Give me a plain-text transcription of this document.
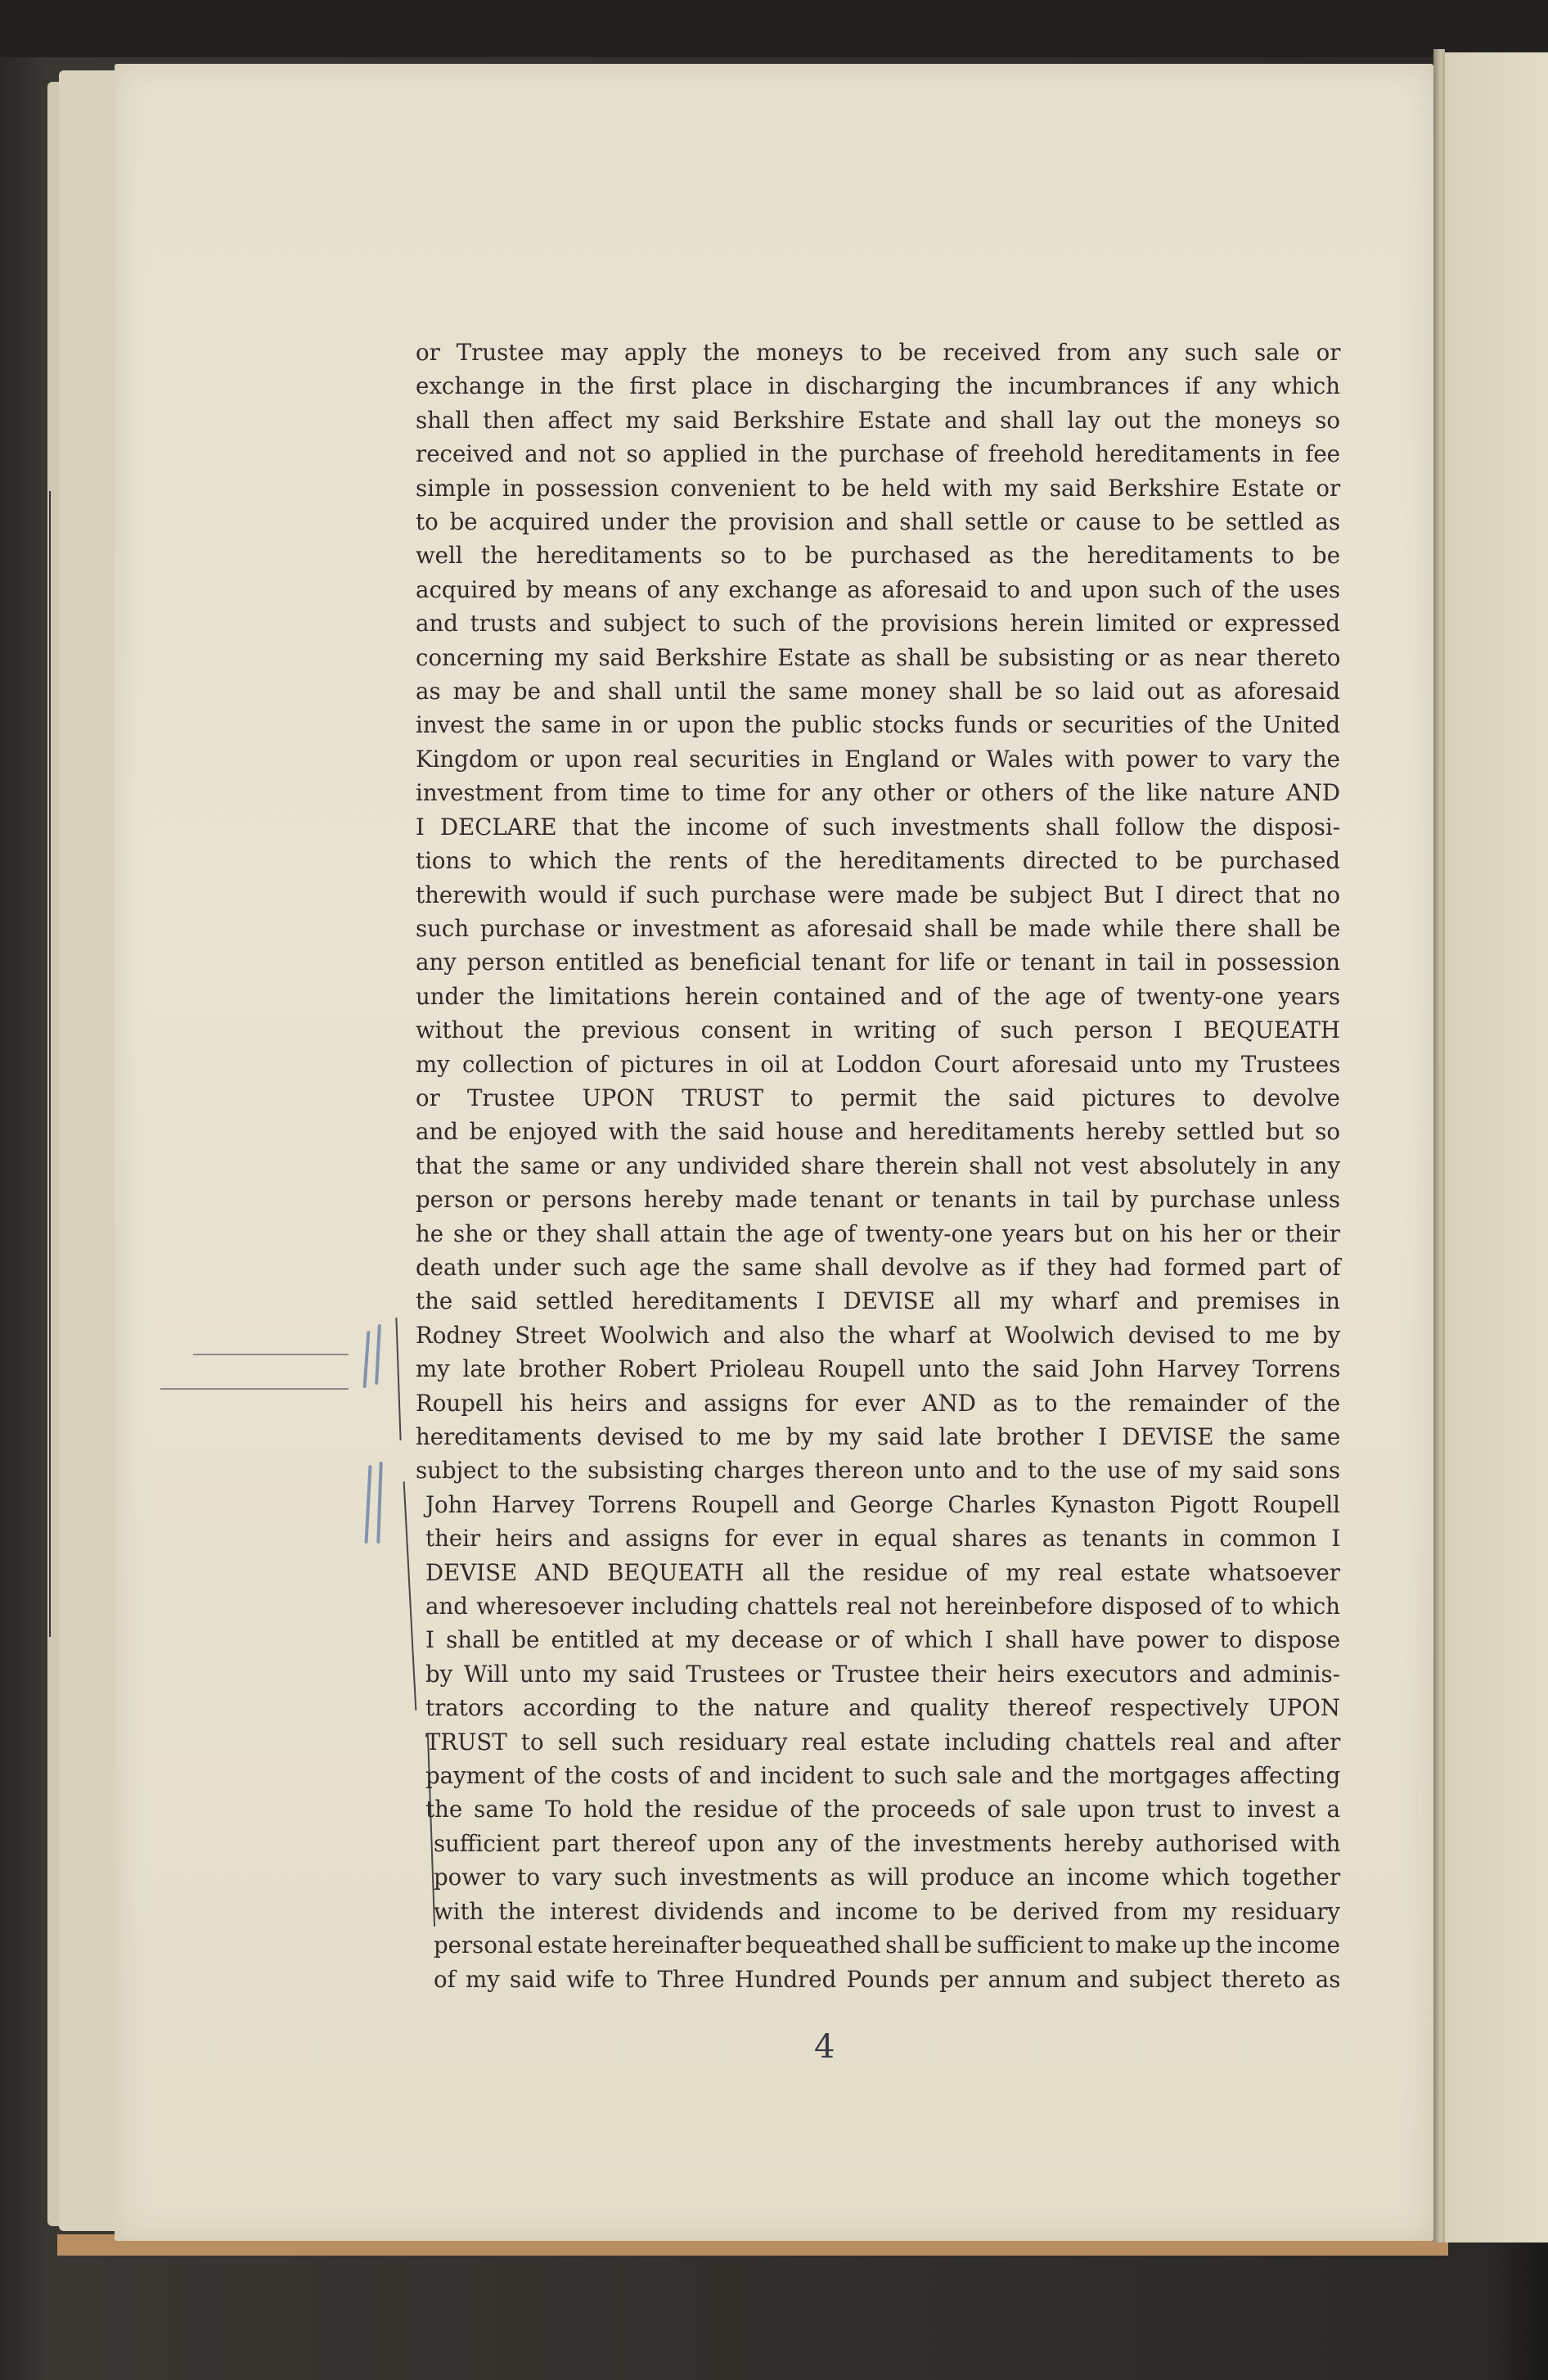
or Trustee may apply the moneys to be received from any such sale or
exchange in the first place in discharging the incumbrances if any which
shall then affect my said Berkshire Estate and shall lay out the moneys so
received and not so applied in the purchase of freehold hereditaments in fee
simple in possession convenient to be held with my said Berkshire Estate or
to be acquired under the provision and shall settle or cause to be settled as
well the hereditaments so to be purchased as the hereditaments to be
acquired by means of any exchange as aforesaid to and upon such of the uses
and trusts and subject to such of the provisions herein limited or expressed
concerning my said Berkshire Estate as shall be subsisting or as near thereto
as may be and shall until the same money shall be so laid out as aforesaid
invest the same in or upon the public stocks funds or securities of the United
Kingdom or upon real securities in England or Wales with power to vary the
investment from time to time for any other or others of the like nature AND
I DECLARE that the income of such investments shall follow the disposi-
tions to which the rents of the hereditaments directed to be purchased
therewith would if such purchase were made be subject But I direct that no
such purchase or investment as aforesaid shall be made while there shall be
any person entitled as beneficial tenant for life or tenant in tail in possession
under the limitations herein contained and of the age of twenty-one years
without the previous consent in writing of such person I BEQUEATH
my collection of pictures in oil at Loddon Court aforesaid unto my Trustees
or Trustee UPON TRUST to permit the said pictures to devolve
and be enjoyed with the said house and hereditaments hereby settled but so
that the same or any undivided share therein shall not vest absolutely in any
person or persons hereby made tenant or tenants in tail by purchase unless
he she or they shall attain the age of twenty-one years but on his her or their
death under such age the same shall devolve as if they had formed part of
the said settled hereditaments I DEVISE all my wharf and premises in
Rodney Street Woolwich and also the wharf at Woolwich devised to me by
my late brother Robert Prioleau Roupell unto the said John Harvey Torrens
Roupell his heirs and assigns for ever AND as to the remainder of the
hereditaments devised to me by my said late brother I DEVISE the same
subject to the subsisting charges thereon unto and to the use of my said sons
John Harvey Torrens Roupell and George Charles Kynaston Pigott Roupell
their heirs and assigns for ever in equal shares as tenants in common I
DEVISE AND BEQUEATH all the residue of my real estate whatsoever
and wheresoever including chattels real not hereinbefore disposed of to which
I shall be entitled at my decease or of which I shall have power to dispose
by Will unto my said Trustees or Trustee their heirs executors and adminis-
trators according to the nature and quality thereof respectively UPON
TRUST to sell such residuary real estate including chattels real and after
payment of the costs of and incident to such sale and the mortgages affecting
the same To hold the residue of the proceeds of sale upon trust to invest a
sufficient part thereof upon any of the investments hereby authorised with
power to vary such investments as will produce an income which together
with the interest dividends and income to be derived from my residuary
personal estate hereinafter bequeathed shall be sufficient to make up the income
of my said wife to Three Hundred Pounds per annum and subject thereto as
4
